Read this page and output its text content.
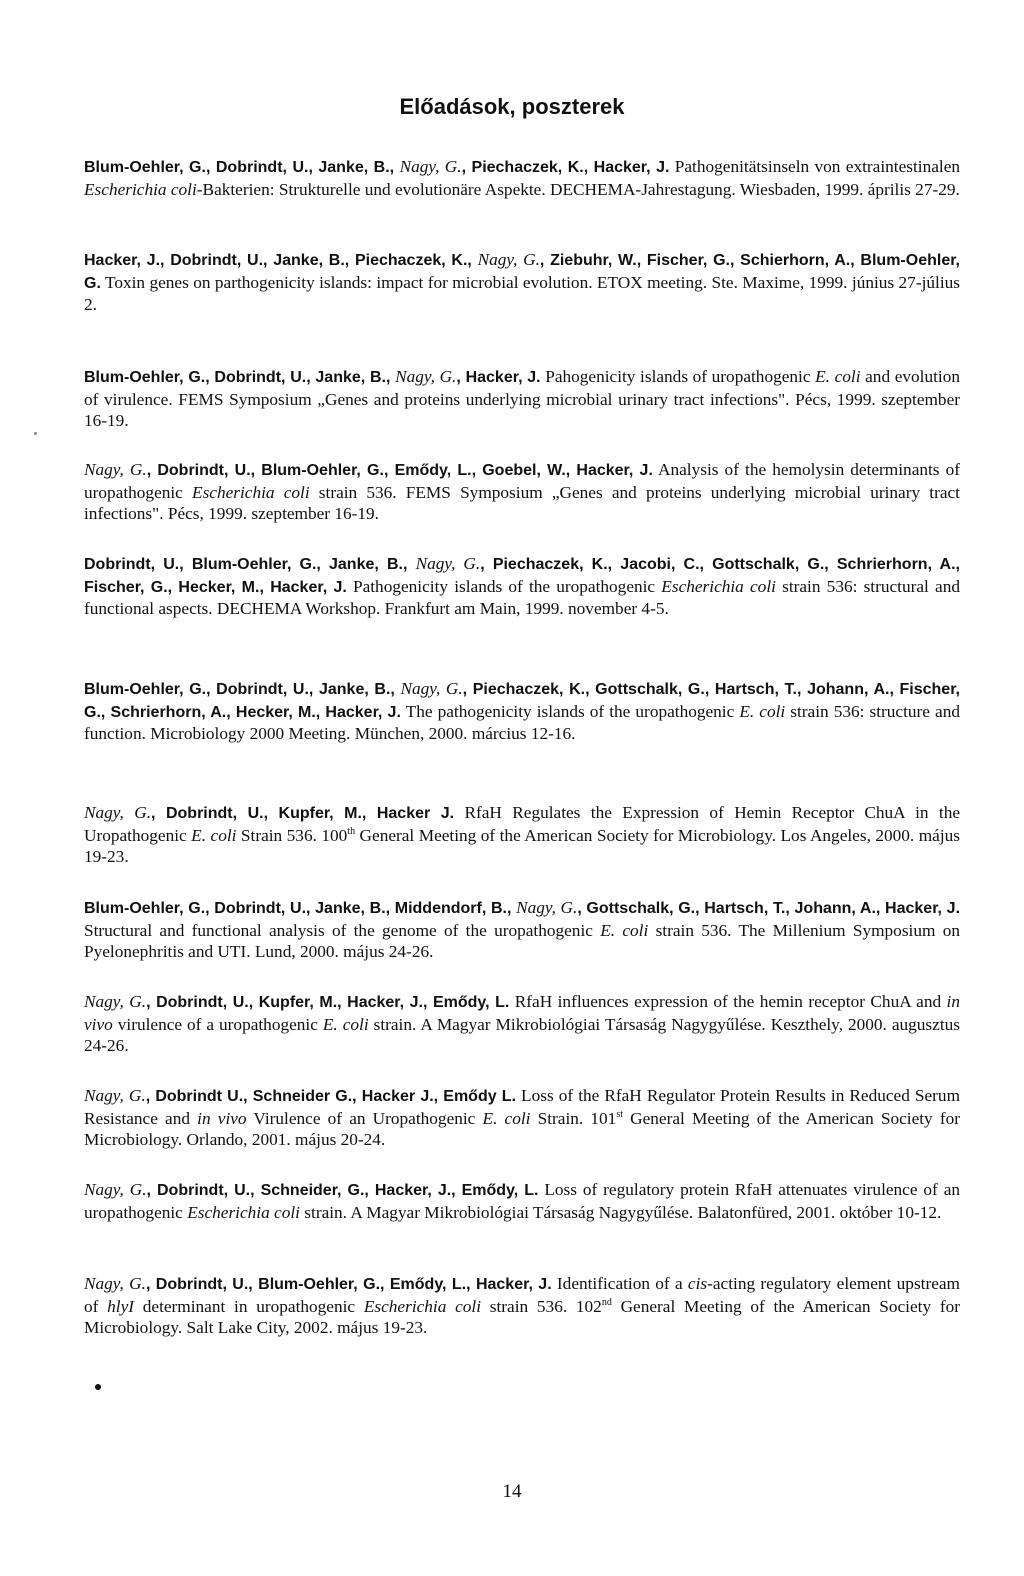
Előadások, poszterek
Blum-Oehler, G., Dobrindt, U., Janke, B., Nagy, G., Piechaczek, K., Hacker, J. Pathogenitätsinseln von extraintestinalen Escherichia coli-Bakterien: Strukturelle und evolutionäre Aspekte. DECHEMA-Jahrestagung. Wiesbaden, 1999. április 27-29.
Hacker, J., Dobrindt, U., Janke, B., Piechaczek, K., Nagy, G., Ziebuhr, W., Fischer, G., Schierhorn, A., Blum-Oehler, G. Toxin genes on parthogenicity islands: impact for microbial evolution. ETOX meeting. Ste. Maxime, 1999. június 27-július 2.
Blum-Oehler, G., Dobrindt, U., Janke, B., Nagy, G., Hacker, J. Pahogenicity islands of uropathogenic E. coli and evolution of virulence. FEMS Symposium „Genes and proteins underlying microbial urinary tract infections". Pécs, 1999. szeptember 16-19.
Nagy, G., Dobrindt, U., Blum-Oehler, G., Emődy, L., Goebel, W., Hacker, J. Analysis of the hemolysin determinants of uropathogenic Escherichia coli strain 536. FEMS Symposium „Genes and proteins underlying microbial urinary tract infections". Pécs, 1999. szeptember 16-19.
Dobrindt, U., Blum-Oehler, G., Janke, B., Nagy, G., Piechaczek, K., Jacobi, C., Gottschalk, G., Schrierhorn, A., Fischer, G., Hecker, M., Hacker, J. Pathogenicity islands of the uropathogenic Escherichia coli strain 536: structural and functional aspects. DECHEMA Workshop. Frankfurt am Main, 1999. november 4-5.
Blum-Oehler, G., Dobrindt, U., Janke, B., Nagy, G., Piechaczek, K., Gottschalk, G., Hartsch, T., Johann, A., Fischer, G., Schrierhorn, A., Hecker, M., Hacker, J. The pathogenicity islands of the uropathogenic E. coli strain 536: structure and function. Microbiology 2000 Meeting. München, 2000. március 12-16.
Nagy, G., Dobrindt, U., Kupfer, M., Hacker J. RfaH Regulates the Expression of Hemin Receptor ChuA in the Uropathogenic E. coli Strain 536. 100th General Meeting of the American Society for Microbiology. Los Angeles, 2000. május 19-23.
Blum-Oehler, G., Dobrindt, U., Janke, B., Middendorf, B., Nagy, G., Gottschalk, G., Hartsch, T., Johann, A., Hacker, J. Structural and functional analysis of the genome of the uropathogenic E. coli strain 536. The Millenium Symposium on Pyelonephritis and UTI. Lund, 2000. május 24-26.
Nagy, G., Dobrindt, U., Kupfer, M., Hacker, J., Emődy, L. RfaH influences expression of the hemin receptor ChuA and in vivo virulence of a uropathogenic E. coli strain. A Magyar Mikrobiológiai Társaság Nagygyűlése. Keszthely, 2000. augusztus 24-26.
Nagy, G., Dobrindt U., Schneider G., Hacker J., Emődy L. Loss of the RfaH Regulator Protein Results in Reduced Serum Resistance and in vivo Virulence of an Uropathogenic E. coli Strain. 101st General Meeting of the American Society for Microbiology. Orlando, 2001. május 20-24.
Nagy, G., Dobrindt, U., Schneider, G., Hacker, J., Emődy, L. Loss of regulatory protein RfaH attenuates virulence of an uropathogenic Escherichia coli strain. A Magyar Mikrobiológiai Társaság Nagygyűlése. Balatonfüred, 2001. október 10-12.
Nagy, G., Dobrindt, U., Blum-Oehler, G., Emődy, L., Hacker, J. Identification of a cis-acting regulatory element upstream of hlyI determinant in uropathogenic Escherichia coli strain 536. 102nd General Meeting of the American Society for Microbiology. Salt Lake City, 2002. május 19-23.
14
